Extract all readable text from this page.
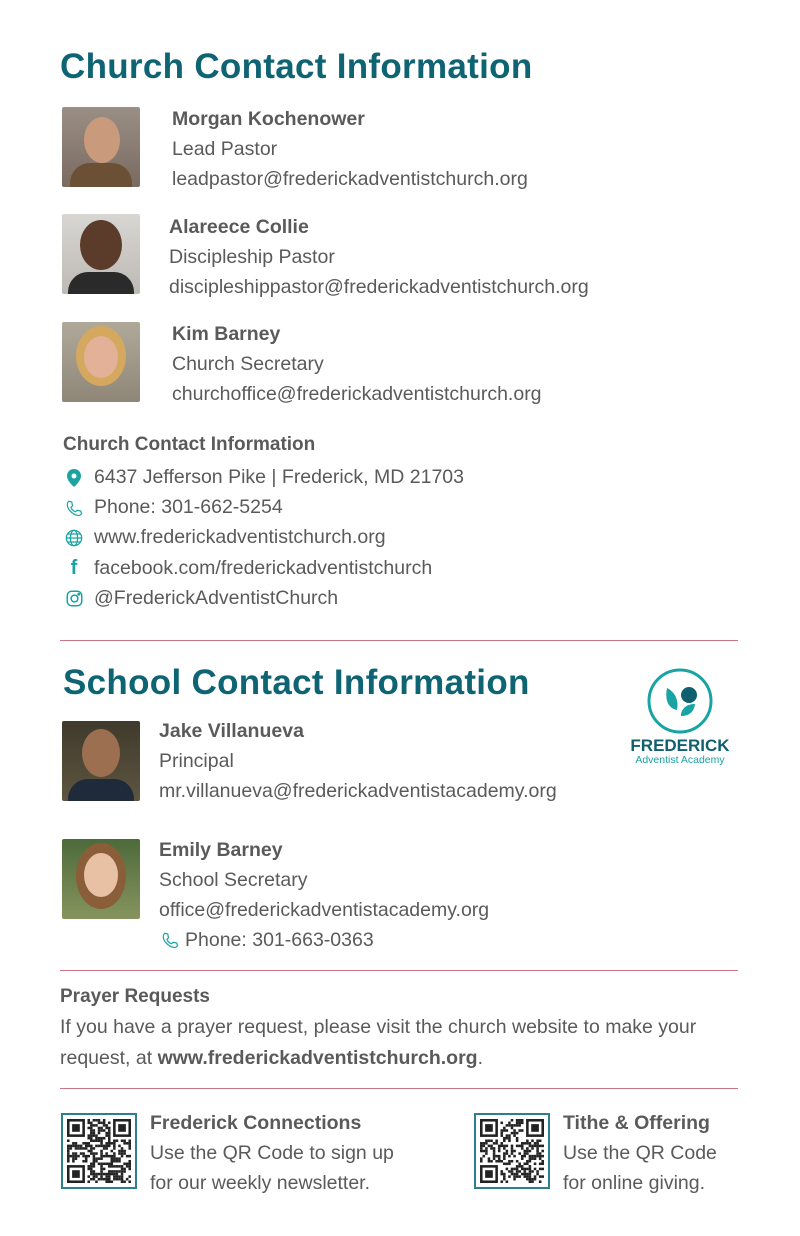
Church Contact Information
Morgan Kochenower
Lead Pastor
leadpastor@frederickadventistchurch.org
Alareece Collie
Discipleship Pastor
discipleshippastor@frederickadventistchurch.org
Kim Barney
Church Secretary
churchoffice@frederickadventistchurch.org
Church Contact Information
6437 Jefferson Pike | Frederick, MD 21703
Phone: 301-662-5254
www.frederickadventistchurch.org
f facebook.com/frederickadventistchurch
@FrederickAdventistChurch
School Contact Information
FREDERICK
Adventist Academy
Jake Villanueva
Principal
mr.villanueva@frederickadventistacademy.org
Emily Barney
School Secretary
office@frederickadventistacademy.org
Phone: 301-663-0363
Prayer Requests
If you have a prayer request, please visit the church website to make your request, at www.frederickadventistchurch.org.
Frederick Connections
Use the QR Code to sign up
for our weekly newsletter.
Tithe & Offering
Use the QR Code
for online giving.
